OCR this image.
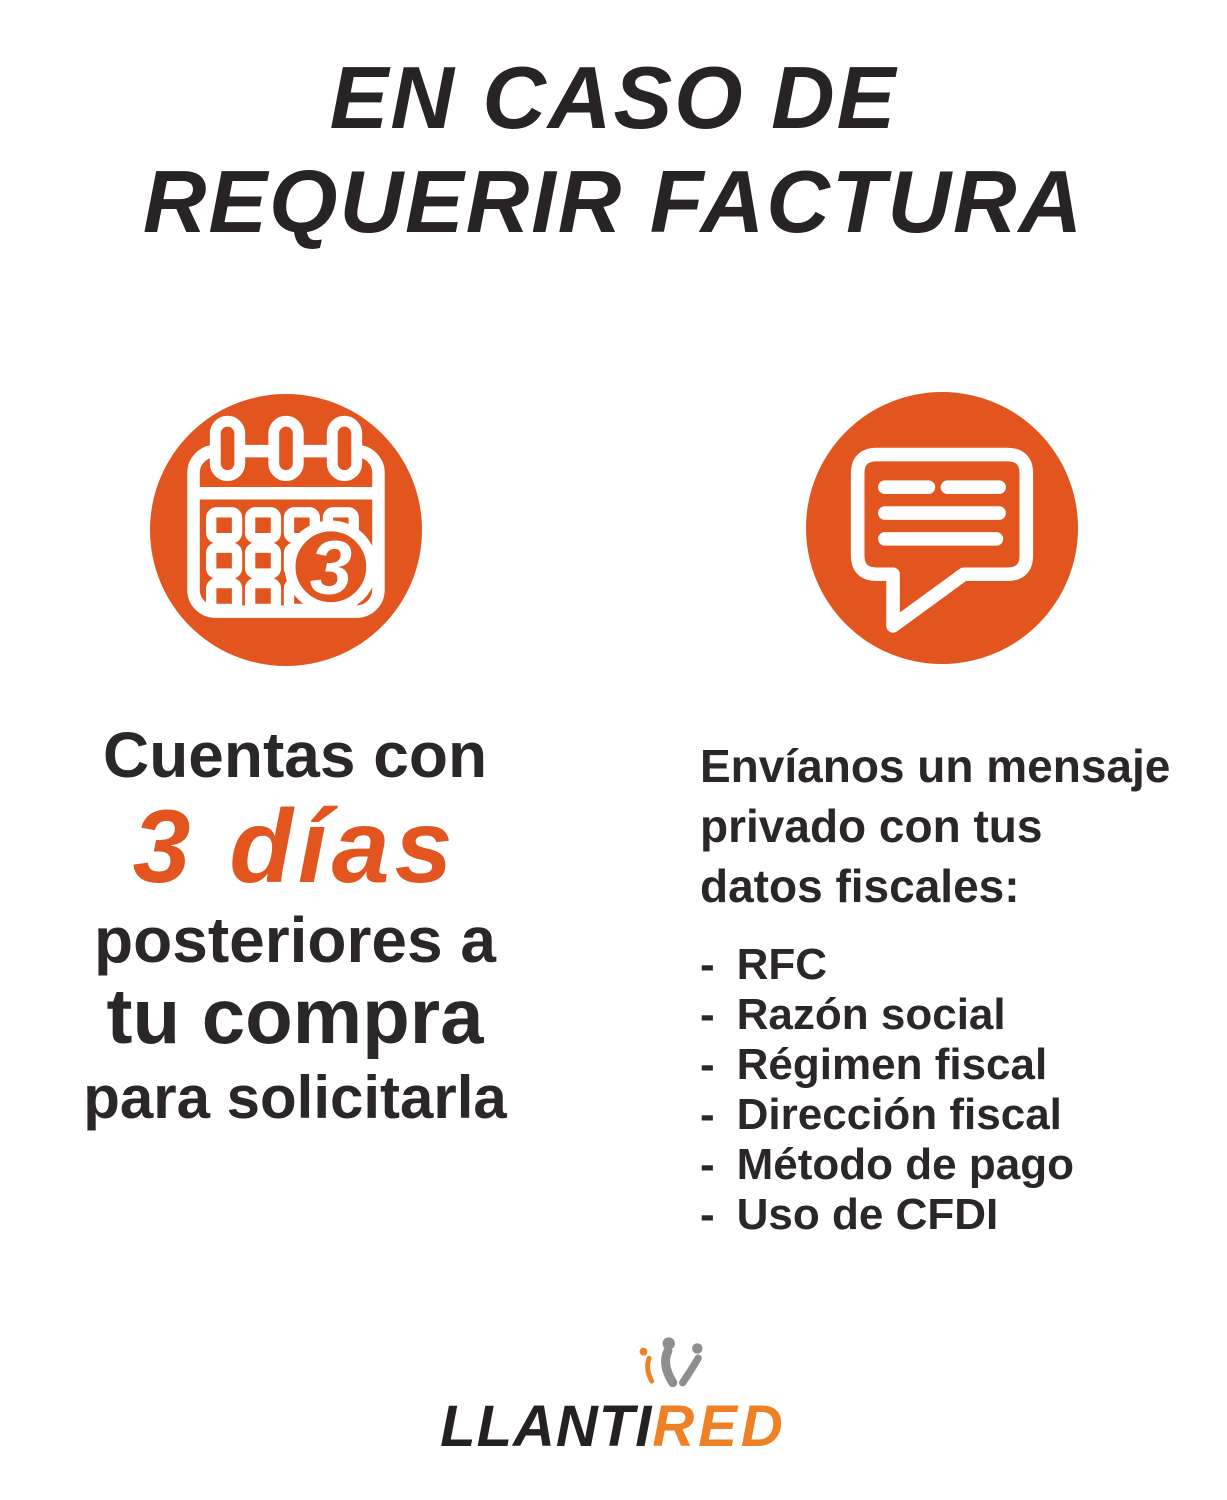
EN CASO DE
REQUERIR FACTURA
3
Cuentas con
3 días
posteriores a
tu compra
para solicitarla
Envíanos un mensaje
privado con tus
datos fiscales:
- RFC
- Razón social
- Régimen fiscal
- Dirección fiscal
- Método de pago
- Uso de CFDI
LLANTIRED
